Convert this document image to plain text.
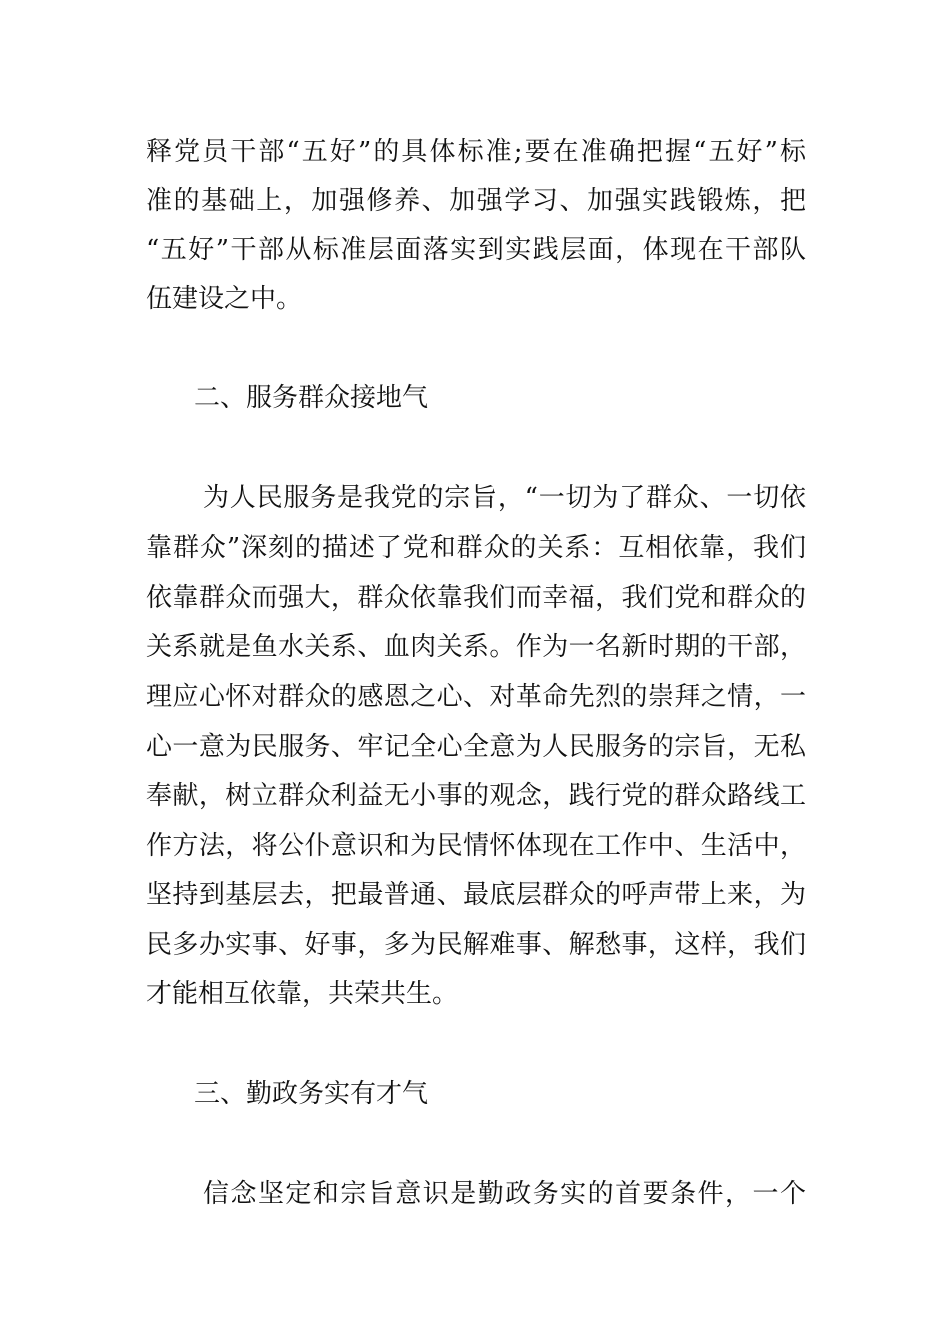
释党员干部“五好”的具体标准;要在准确把握“五好”标
准的基础上，加强修养、加强学习、加强实践锻炼，把
“五好”干部从标准层面落实到实践层面，体现在干部队
伍建设之中。
二、服务群众接地气
为人民服务是我党的宗旨，“一切为了群众、一切依
靠群众”深刻的描述了党和群众的关系：互相依靠，我们
依靠群众而强大，群众依靠我们而幸福，我们党和群众的
关系就是鱼水关系、血肉关系。作为一名新时期的干部，
理应心怀对群众的感恩之心、对革命先烈的崇拜之情，一
心一意为民服务、牢记全心全意为人民服务的宗旨，无私
奉献，树立群众利益无小事的观念，践行党的群众路线工
作方法，将公仆意识和为民情怀体现在工作中、生活中，
坚持到基层去，把最普通、最底层群众的呼声带上来，为
民多办实事、好事，多为民解难事、解愁事，这样，我们
才能相互依靠，共荣共生。
三、勤政务实有才气
信念坚定和宗旨意识是勤政务实的首要条件，一个
